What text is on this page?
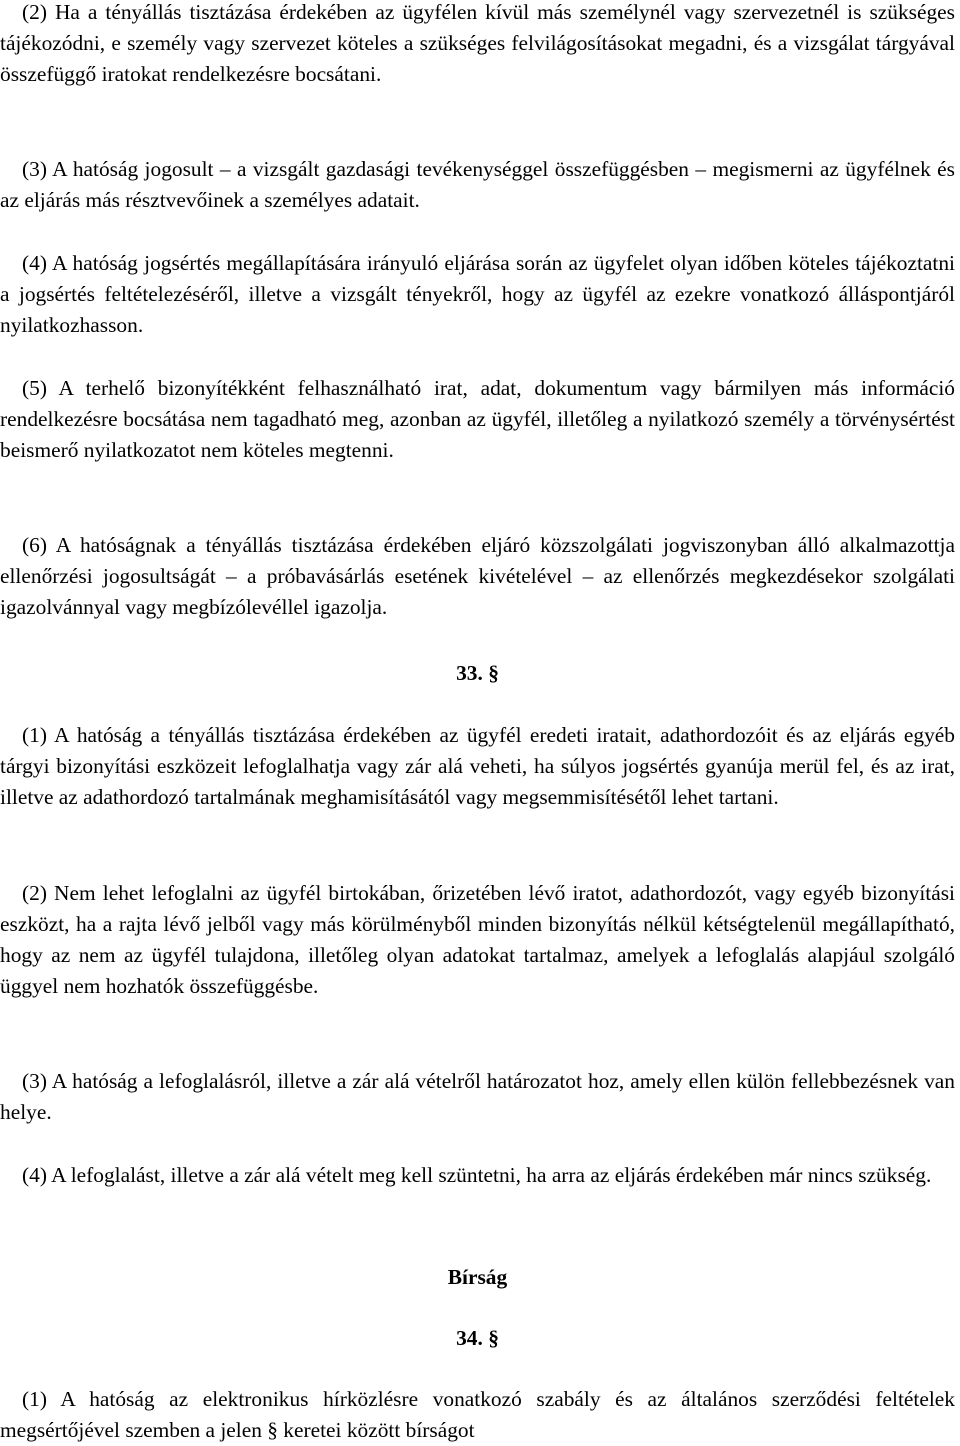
(2) Ha a tényállás tisztázása érdekében az ügyfélen kívül más személynél vagy szervezetnél is szükséges tájékozódni, e személy vagy szervezet köteles a szükséges felvilágosításokat megadni, és a vizsgálat tárgyával összefüggő iratokat rendelkezésre bocsátani.

(3) A hatóság jogosult – a vizsgált gazdasági tevékenységgel összefüggésben – megismerni az ügyfélnek és az eljárás más résztvevőinek a személyes adatait.

(4) A hatóság jogsértés megállapítására irányuló eljárása során az ügyfelet olyan időben köteles tájékoztatni a jogsértés feltételezéséről, illetve a vizsgált tényekről, hogy az ügyfél az ezekre vonatkozó álláspontjáról nyilatkozhasson.

(5) A terhelő bizonyítékként felhasználható irat, adat, dokumentum vagy bármilyen más információ rendelkezésre bocsátása nem tagadható meg, azonban az ügyfél, illetőleg a nyilatkozó személy a törvénysértést beismerő nyilatkozatot nem köteles megtenni.

(6) A hatóságnak a tényállás tisztázása érdekében eljáró közszolgálati jogviszonyban álló alkalmazottja ellenőrzési jogosultságát – a próbavásárlás esetének kivételével – az ellenőrzés megkezdésekor szolgálati igazolvánnyal vagy megbízólevéllel igazolja.

33. §

(1) A hatóság a tényállás tisztázása érdekében az ügyfél eredeti iratait, adathordozóit és az eljárás egyéb tárgyi bizonyítási eszközeit lefoglalhatja vagy zár alá veheti, ha súlyos jogsértés gyanúja merül fel, és az irat, illetve az adathordozó tartalmának meghamisításától vagy megsemmisítésétől lehet tartani.

(2) Nem lehet lefoglalni az ügyfél birtokában, őrizetében lévő iratot, adathordozót, vagy egyéb bizonyítási eszközt, ha a rajta lévő jelből vagy más körülményből minden bizonyítás nélkül kétségtelenül megállapítható, hogy az nem az ügyfél tulajdona, illetőleg olyan adatokat tartalmaz, amelyek a lefoglalás alapjául szolgáló üggyel nem hozhatók összefüggésbe.

(3) A hatóság a lefoglalásról, illetve a zár alá vételről határozatot hoz, amely ellen külön fellebbezésnek van helye.

(4) A lefoglalást, illetve a zár alá vételt meg kell szüntetni, ha arra az eljárás érdekében már nincs szükség.

Bírság

34. §

(1) A hatóság az elektronikus hírközlésre vonatkozó szabály és az általános szerződési feltételek megsértőjével szemben a jelen § keretei között bírságot
